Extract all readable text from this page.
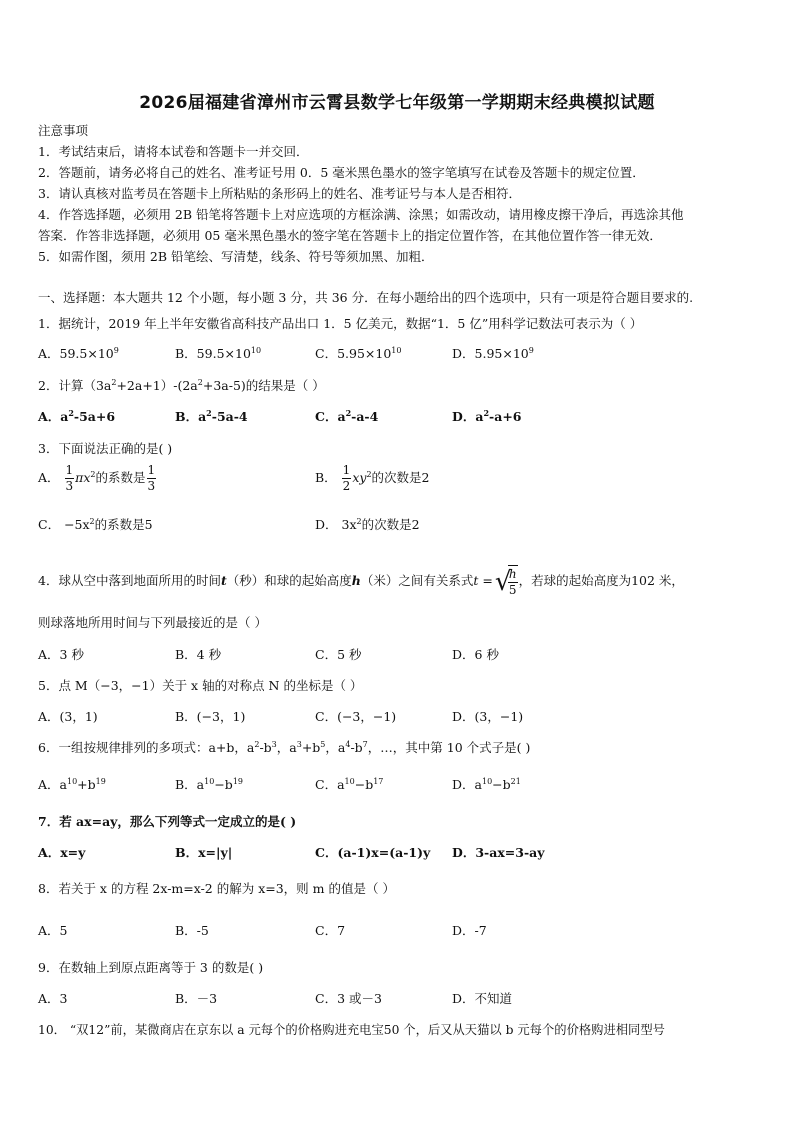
2026届福建省漳州市云霄县数学七年级第一学期期末经典模拟试题
注意事项
1．考试结束后，请将本试卷和答题卡一并交回．
2．答题前，请务必将自己的姓名、准考证号用 0．5 毫米黑色墨水的签字笔填写在试卷及答题卡的规定位置．
3．请认真核对监考员在答题卡上所粘贴的条形码上的姓名、准考证号与本人是否相符．
4．作答选择题，必须用 2B 铅笔将答题卡上对应选项的方框涂满、涂黑；如需改动，请用橡皮擦干净后，再选涂其他
答案．作答非选择题，必须用 05 毫米黑色墨水的签字笔在答题卡上的指定位置作答，在其他位置作答一律无效．
5．如需作图，须用 2B 铅笔绘、写清楚，线条、符号等须加黑、加粗．
一、选择题：本大题共 12 个小题，每小题 3 分，共 36 分．在每小题给出的四个选项中，只有一项是符合题目要求的.
1．据统计，2019 年上半年安徽省高科技产品出口 1．5 亿美元，数据“1．5 亿”用科学记数法可表示为（ ）
A．$59.5\times 10^9$	B．$59.5\times 10^{10}$	C．$5.95\times 10^{10}$	D．$5.95\times 10^9$
2．计算$(3a^2+2a+1)-(2a^2+3a-5)$的结果是（ ）
A．$a^2-5a+6$	B．$a^2-5a-4$	C．$a^2-a-4$	D．$a^2-a+6$
3．下面说法正确的是( )
A． $\frac{1}{3} \pi x^2$的系数是 $\frac{1}{3}$	B． $\frac{1}{2} xy^2$的次数是2
C． $-5x^2$的系数是5	D． $3x^2$的次数是2
4．球从空中落到地面所用的时间t（秒）和球的起始高度h（米）之间有关系式t =
√ $\frac{h}{5}$ ，若球的起始高度为102 米，
则球落地所用时间与下列最接近的是（ ）
A．3 秒	B．4 秒	C．5 秒	D．6 秒
5．点 M（−3，−1）关于 x 轴的对称点 N 的坐标是（ ）
A．(3，1)	B．(−3，1)	C．(−3，−1)	D．(3，−1)
6．一组按规律排列的多项式：a+b，$a^2-b^3$，$a^3+b^5$，$a^4-b^7$，…，其中第 10 个式子是( )
A．$a^{10}+b^{19}$	B．$a^{10}-b^{19}$	C．$a^{10}-b^{17}$	D．$a^{10}-b^{21}$
7．若 ax=ay，那么下列等式一定成立的是( )
A．x=y	B．x=|y|	C．(a-1)x=(a-1)y D．3-ax=3-ay
8．若关于 x 的方程 2x-m=x-2 的解为 x=3，则 m 的值是（ ）
A．5	B．-5	C．7	D．-7
9．在数轴上到原点距离等于 3 的数是( )
A．3	B．－3	C．3 或－3	D．不知道
10． “双12”前，某微商店在京东以 a 元每个的价格购进充电宝50 个，后又从天猫以 b 元每个的价格购进相同型号
